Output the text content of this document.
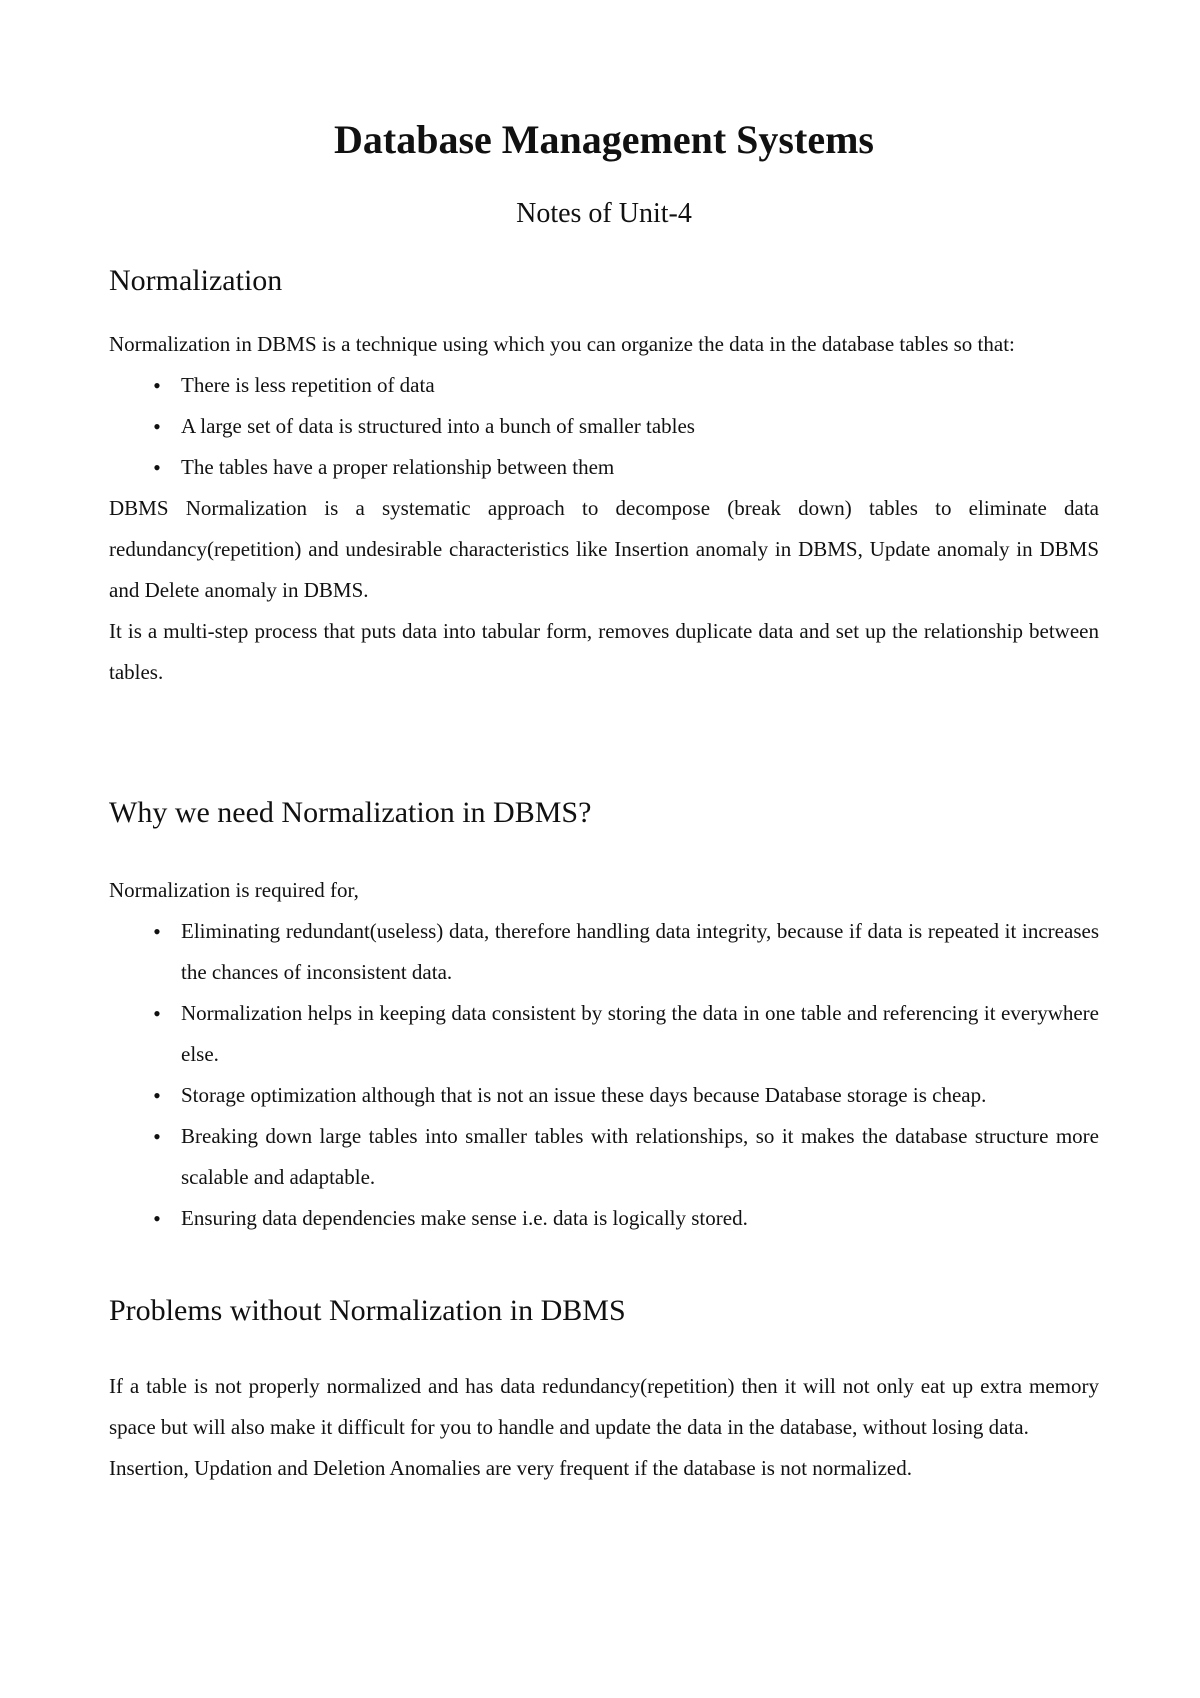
Database Management Systems
Notes of Unit-4
Normalization

Normalization in DBMS is a technique using which you can organize the data in the database tables so that:

•
There is less repetition of data
•
A large set of data is structured into a bunch of smaller tables
•
The tables have a proper relationship between them

DBMS Normalization is a systematic approach to decompose (break down) tables to eliminate data redundancy(repetition) and undesirable characteristics like Insertion anomaly in DBMS, Update anomaly in DBMS and Delete anomaly in DBMS.

It is a multi-step process that puts data into tabular form, removes duplicate data and set up the relationship between tables.

Why we need Normalization in DBMS?

Normalization is required for,

•
Eliminating redundant(useless) data, therefore handling data integrity, because if data is repeated it increases the chances of inconsistent data.
•
Normalization helps in keeping data consistent by storing the data in one table and referencing it everywhere else.
•
Storage optimization although that is not an issue these days because Database storage is cheap.
•
Breaking down large tables into smaller tables with relationships, so it makes the database structure more scalable and adaptable.
•
Ensuring data dependencies make sense i.e. data is logically stored.
Problems without Normalization in DBMS

If a table is not properly normalized and has data redundancy(repetition) then it will not only eat up extra memory space but will also make it difficult for you to handle and update the data in the database, without losing data.

Insertion, Updation and Deletion Anomalies are very frequent if the database is not normalized.
